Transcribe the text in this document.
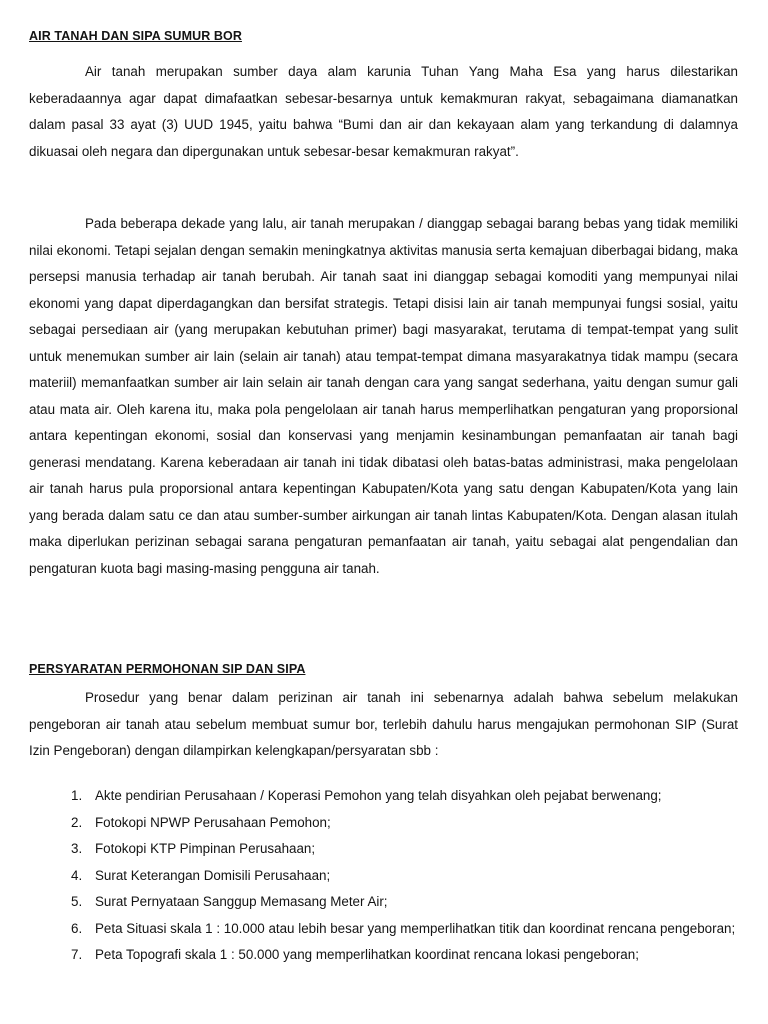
AIR TANAH DAN SIPA SUMUR BOR

Air tanah merupakan sumber daya alam karunia Tuhan Yang Maha Esa yang harus dilestarikan keberadaannya agar dapat dimafaatkan sebesar-besarnya untuk kemakmuran rakyat, sebagaimana diamanatkan dalam pasal 33 ayat (3) UUD 1945, yaitu bahwa “Bumi dan air dan kekayaan alam yang terkandung di dalamnya dikuasai oleh negara dan dipergunakan untuk sebesar-besar kemakmuran rakyat”.

Pada beberapa dekade yang lalu, air tanah merupakan / dianggap sebagai barang bebas yang tidak memiliki nilai ekonomi. Tetapi sejalan dengan semakin meningkatnya aktivitas manusia serta kemajuan diberbagai bidang, maka persepsi manusia terhadap air tanah berubah. Air tanah saat ini dianggap sebagai komoditi yang mempunyai nilai ekonomi yang dapat diperdagangkan dan bersifat strategis. Tetapi disisi lain air tanah mempunyai fungsi sosial, yaitu sebagai persediaan air (yang merupakan kebutuhan primer) bagi masyarakat, terutama di tempat-tempat yang sulit untuk menemukan sumber air lain (selain air tanah) atau tempat-tempat dimana masyarakatnya tidak mampu (secara materiil) memanfaatkan sumber air lain selain air tanah dengan cara yang sangat sederhana, yaitu dengan sumur gali atau mata air. Oleh karena itu, maka pola pengelolaan air tanah harus memperlihatkan pengaturan yang proporsional antara kepentingan ekonomi, sosial dan konservasi yang menjamin kesinambungan pemanfaatan air tanah bagi generasi mendatang. Karena keberadaan air tanah ini tidak dibatasi oleh batas-batas administrasi, maka pengelolaan air tanah harus pula proporsional antara kepentingan Kabupaten/Kota yang satu dengan Kabupaten/Kota yang lain yang berada dalam satu ce dan atau sumber-sumber airkungan air tanah lintas Kabupaten/Kota. Dengan alasan itulah maka diperlukan perizinan sebagai sarana pengaturan pemanfaatan air tanah, yaitu sebagai alat pengendalian dan pengaturan kuota bagi masing-masing pengguna air tanah.

PERSYARATAN PERMOHONAN SIP DAN SIPA

Prosedur yang benar dalam perizinan air tanah ini sebenarnya adalah bahwa sebelum melakukan pengeboran air tanah atau sebelum membuat sumur bor, terlebih dahulu harus mengajukan permohonan SIP (Surat Izin Pengeboran) dengan dilampirkan kelengkapan/persyaratan sbb :

1. Akte pendirian Perusahaan / Koperasi Pemohon yang telah disyahkan oleh pejabat berwenang;
2. Fotokopi NPWP Perusahaan Pemohon;
3. Fotokopi KTP Pimpinan Perusahaan;
4. Surat Keterangan Domisili Perusahaan;
5. Surat Pernyataan Sanggup Memasang Meter Air;
6. Peta Situasi skala 1 : 10.000 atau lebih besar yang memperlihatkan titik dan koordinat rencana pengeboran;
7. Peta Topografi skala 1 : 50.000 yang memperlihatkan koordinat rencana lokasi pengeboran;
